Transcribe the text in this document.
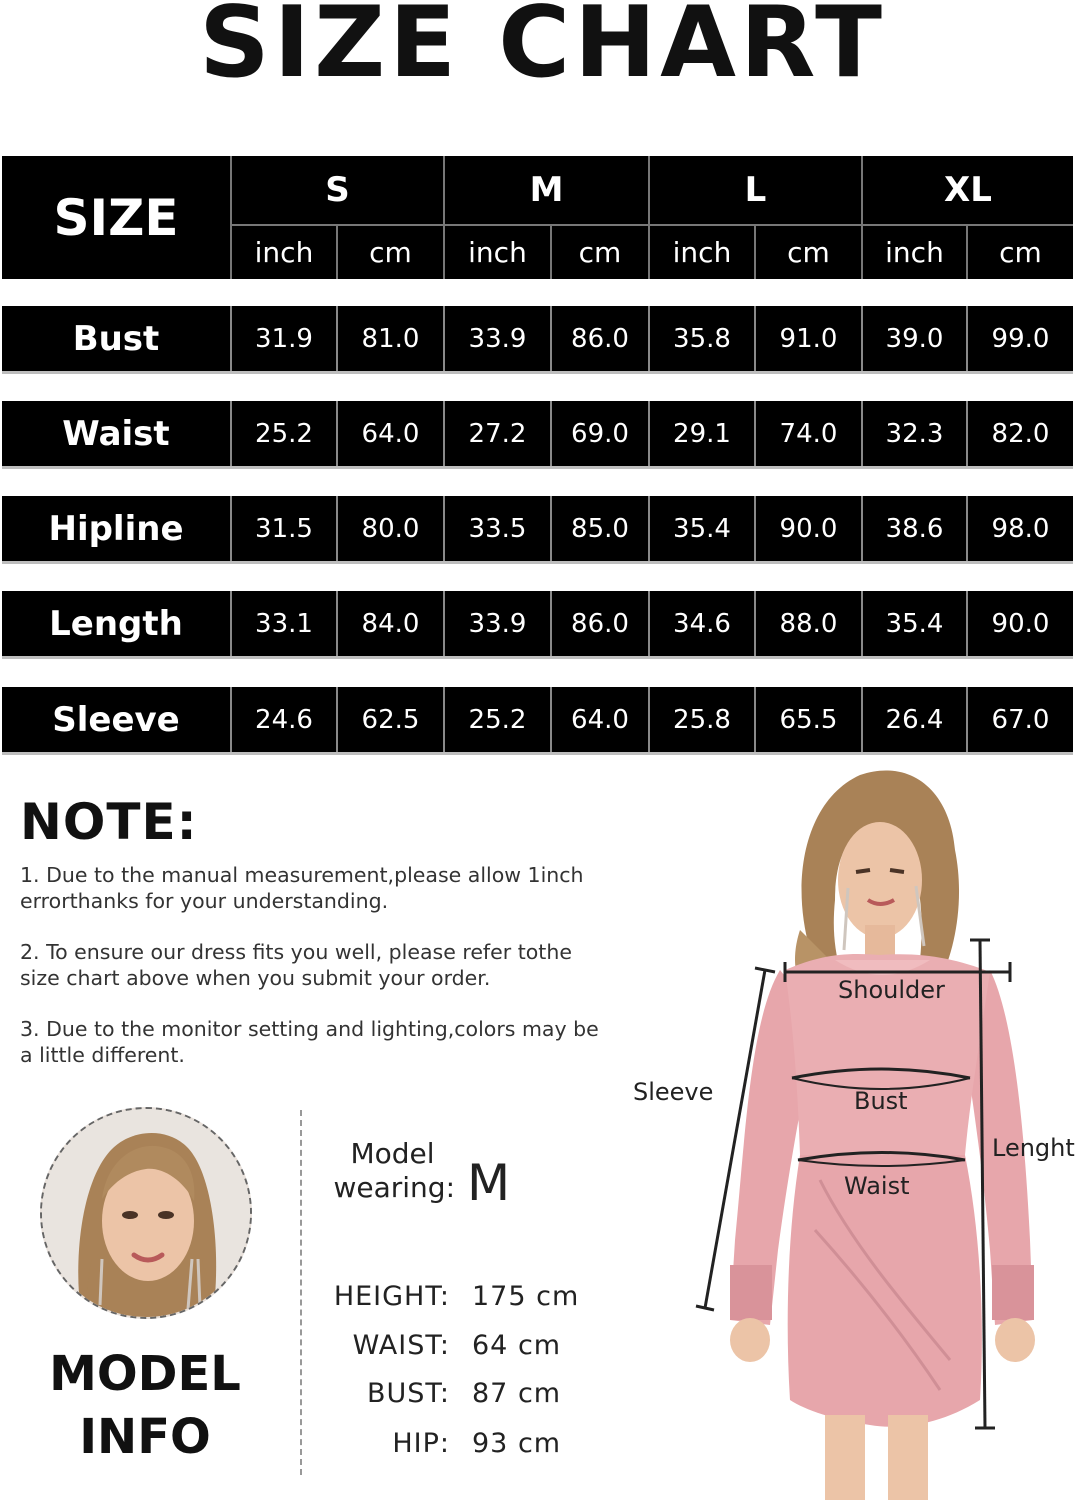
SIZE CHART
SIZE	S	M	L	XL
inch	cm	inch	cm	inch	cm	inch	cm
Bust	31.9	81.0	33.9	86.0	35.8	91.0	39.0	99.0
Waist	25.2	64.0	27.2	69.0	29.1	74.0	32.3	82.0
Hipline	31.5	80.0	33.5	85.0	35.4	90.0	38.6	98.0
Length	33.1	84.0	33.9	86.0	34.6	88.0	35.4	90.0
Sleeve	24.6	62.5	25.2	64.0	25.8	65.5	26.4	67.0
NOTE:
1. Due to the manual measurement,please allow 1inch errorthanks for your understanding.
2. To ensure our dress fits you well, please refer tothe size chart above when you submit your order.
3. Due to the monitor setting and lighting,colors may be a little different.
MODEL
INFO
Model
wearing: M
HEIGHT: 175 cm
WAIST: 64 cm
BUST: 87 cm
HIP: 93 cm
Shoulder
Sleeve	Bust
Waist
Lenght
